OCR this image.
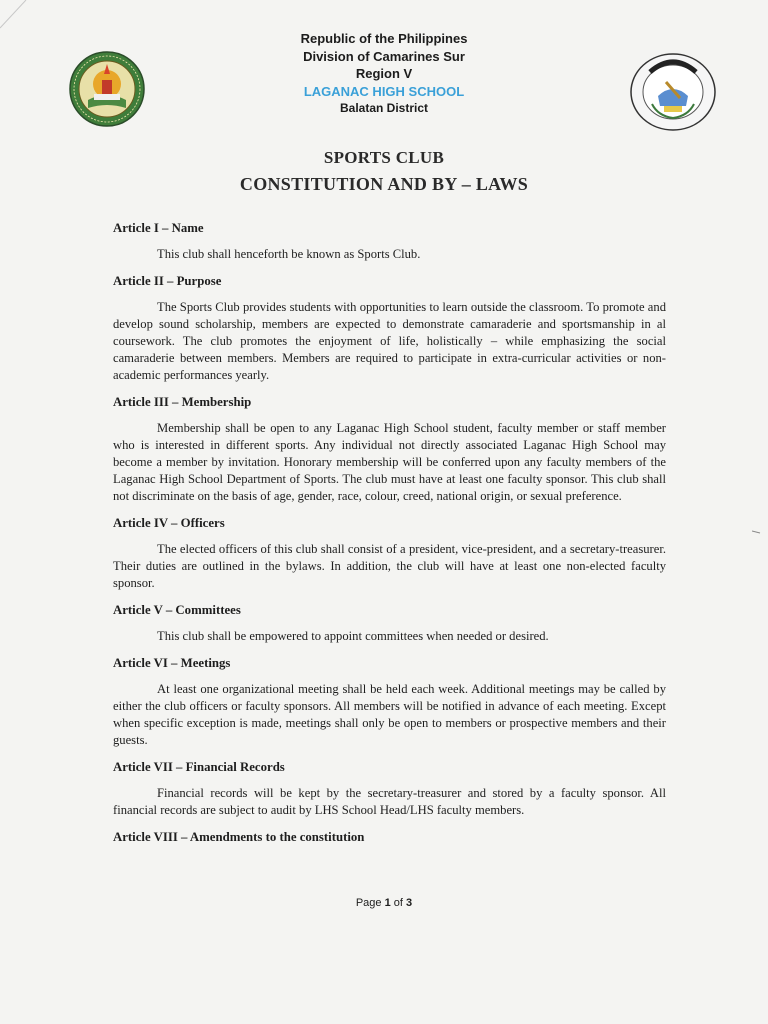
Republic of the Philippines
Division of Camarines Sur
Region V
LAGANAC HIGH SCHOOL
Balatan District
SPORTS CLUB
CONSTITUTION AND BY – LAWS

Article I – Name

This club shall henceforth be known as Sports Club.

Article II – Purpose

The Sports Club provides students with opportunities to learn outside the classroom. To promote and develop sound scholarship, members are expected to demonstrate camaraderie and sportsmanship in al coursework. The club promotes the enjoyment of life, holistically – while emphasizing the social camaraderie between members. Members are required to participate in extra-curricular activities or non-academic performances yearly.

Article III – Membership

Membership shall be open to any Laganac High School student, faculty member or staff member who is interested in different sports. Any individual not directly associated Laganac High School may become a member by invitation. Honorary membership will be conferred upon any faculty members of the Laganac High School Department of Sports. The club must have at least one faculty sponsor. This club shall not discriminate on the basis of age, gender, race, colour, creed, national origin, or sexual preference.

Article IV – Officers

The elected officers of this club shall consist of a president, vice-president, and a secretary-treasurer. Their duties are outlined in the bylaws. In addition, the club will have at least one non-elected faculty sponsor.

Article V – Committees

This club shall be empowered to appoint committees when needed or desired.

Article VI – Meetings

At least one organizational meeting shall be held each week. Additional meetings may be called by either the club officers or faculty sponsors. All members will be notified in advance of each meeting. Except when specific exception is made, meetings shall only be open to members or prospective members and their guests.

Article VII – Financial Records

Financial records will be kept by the secretary-treasurer and stored by a faculty sponsor. All financial records are subject to audit by LHS School Head/LHS faculty members.

Article VIII – Amendments to the constitution

Page 1 of 3
